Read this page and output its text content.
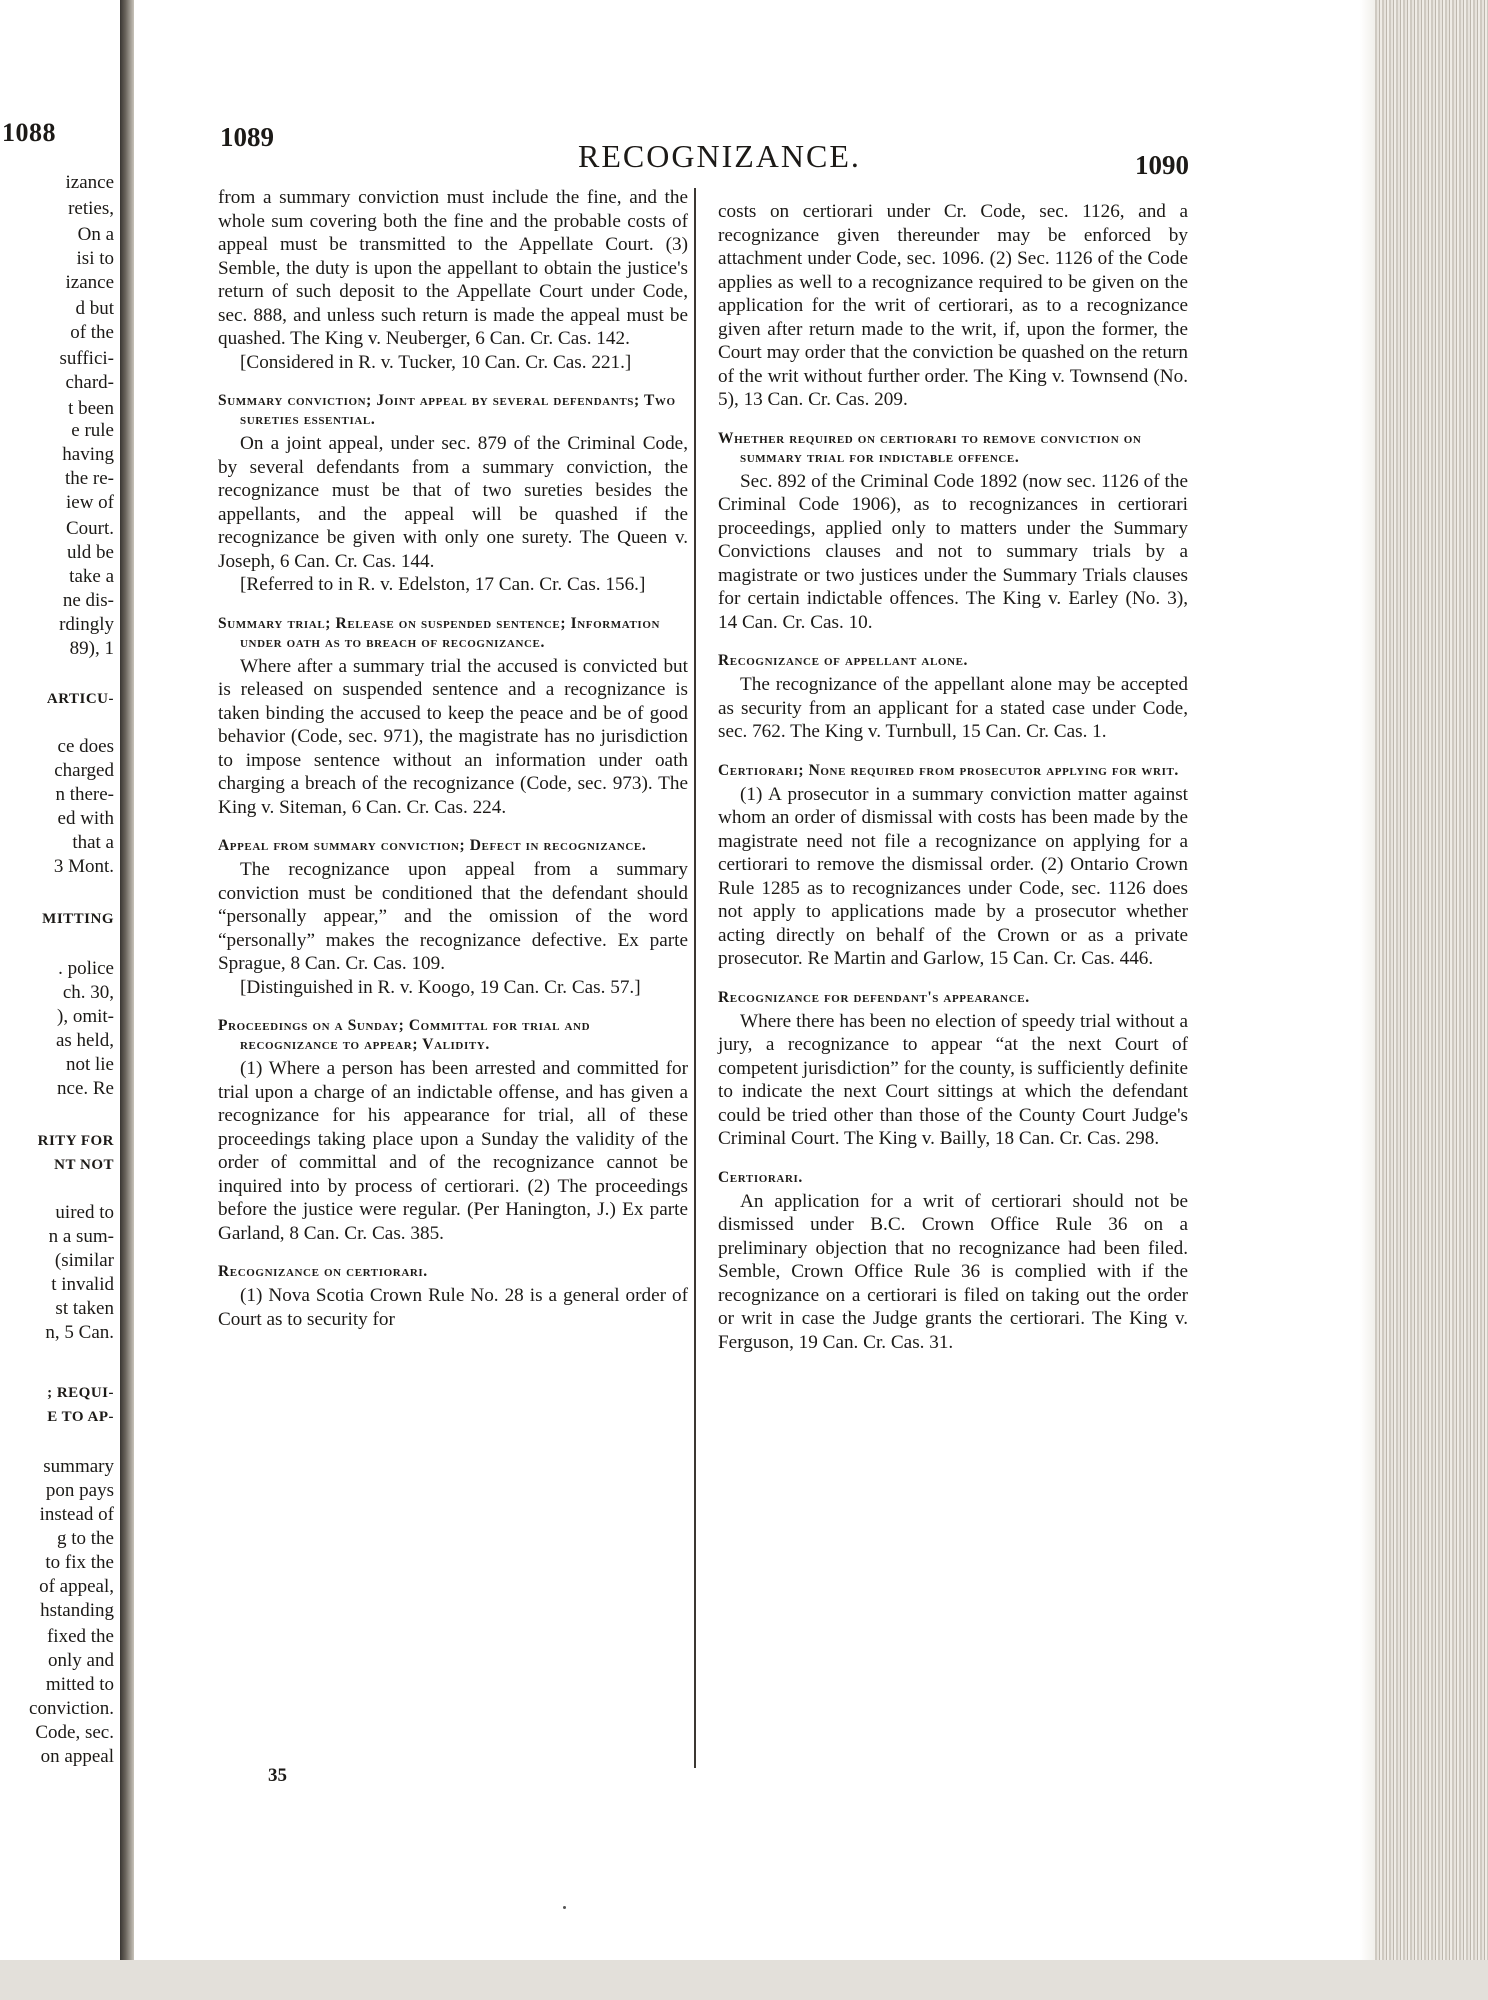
1088
izance
reties,
On a
isi to
izance
d but
of the
suffici-
chard-
t been
e rule
having
the re-
iew of
Court.
uld be
take a
ne dis-
rdingly
89), 1
ARTICU-
ce does
charged
n there-
ed with
that a
3 Mont.
MITTING
. police
ch. 30,
), omit-
as held,
not lie
nce. Re
RITY FOR
NT NOT
uired to
n a sum-
(similar
t invalid
st taken
n, 5 Can.
; REQUI-
E TO AP-
summary
pon pays
instead of
g to the
to fix the
of appeal,
hstanding
fixed the
only and
mitted to
conviction.
Code, sec.
on appeal
1089
RECOGNIZANCE.	1090

from a summary conviction must include the fine, and the whole sum covering both the fine and the probable costs of appeal must be transmitted to the Appellate Court. (3) Semble, the duty is upon the appellant to obtain the justice's return of such deposit to the Appellate Court under Code, sec. 888, and unless such return is made the appeal must be quashed. The King v. Neuberger, 6 Can. Cr. Cas. 142.

[Considered in R. v. Tucker, 10 Can. Cr. Cas. 221.]

Summary conviction; Joint appeal by several defendants; Two sureties essential.

On a joint appeal, under sec. 879 of the Criminal Code, by several defendants from a summary conviction, the recognizance must be that of two sureties besides the appellants, and the appeal will be quashed if the recognizance be given with only one surety. The Queen v. Joseph, 6 Can. Cr. Cas. 144.

[Referred to in R. v. Edelston, 17 Can. Cr. Cas. 156.]

Summary trial; Release on suspended sentence; Information under oath as to breach of recognizance.

Where after a summary trial the accused is convicted but is released on suspended sentence and a recognizance is taken binding the accused to keep the peace and be of good behavior (Code, sec. 971), the magistrate has no jurisdiction to impose sentence without an information under oath charging a breach of the recognizance (Code, sec. 973). The King v. Siteman, 6 Can. Cr. Cas. 224.

Appeal from summary conviction; Defect in recognizance.

The recognizance upon appeal from a summary conviction must be conditioned that the defendant should “personally appear,” and the omission of the word “personally” makes the recognizance defective. Ex parte Sprague, 8 Can. Cr. Cas. 109.

[Distinguished in R. v. Koogo, 19 Can. Cr. Cas. 57.]

Proceedings on a Sunday; Committal for trial and recognizance to appear; Validity.

(1) Where a person has been arrested and committed for trial upon a charge of an indictable offense, and has given a recognizance for his appearance for trial, all of these proceedings taking place upon a Sunday the validity of the order of committal and of the recognizance cannot be inquired into by process of certiorari. (2) The proceedings before the justice were regular. (Per Hanington, J.) Ex parte Garland, 8 Can. Cr. Cas. 385.

Recognizance on certiorari.

(1) Nova Scotia Crown Rule No. 28 is a general order of Court as to security for

35

costs on certiorari under Cr. Code, sec. 1126, and a recognizance given thereunder may be enforced by attachment under Code, sec. 1096. (2) Sec. 1126 of the Code applies as well to a recognizance required to be given on the application for the writ of certiorari, as to a recognizance given after return made to the writ, if, upon the former, the Court may order that the conviction be quashed on the return of the writ without further order. The King v. Townsend (No. 5), 13 Can. Cr. Cas. 209.

Whether required on certiorari to remove conviction on summary trial for indictable offence.

Sec. 892 of the Criminal Code 1892 (now sec. 1126 of the Criminal Code 1906), as to recognizances in certiorari proceedings, applied only to matters under the Summary Convictions clauses and not to summary trials by a magistrate or two justices under the Summary Trials clauses for certain indictable offences. The King v. Earley (No. 3), 14 Can. Cr. Cas. 10.

Recognizance of appellant alone.

The recognizance of the appellant alone may be accepted as security from an applicant for a stated case under Code, sec. 762. The King v. Turnbull, 15 Can. Cr. Cas. 1.

Certiorari; None required from prosecutor applying for writ.

(1) A prosecutor in a summary conviction matter against whom an order of dismissal with costs has been made by the magistrate need not file a recognizance on applying for a certiorari to remove the dismissal order. (2) Ontario Crown Rule 1285 as to recognizances under Code, sec. 1126 does not apply to applications made by a prosecutor whether acting directly on behalf of the Crown or as a private prosecutor. Re Martin and Garlow, 15 Can. Cr. Cas. 446.

Recognizance for defendant's appearance.

Where there has been no election of speedy trial without a jury, a recognizance to appear “at the next Court of competent jurisdiction” for the county, is sufficiently definite to indicate the next Court sittings at which the defendant could be tried other than those of the County Court Judge's Criminal Court. The King v. Bailly, 18 Can. Cr. Cas. 298.

Certiorari.

An application for a writ of certiorari should not be dismissed under B.C. Crown Office Rule 36 on a preliminary objection that no recognizance had been filed. Semble, Crown Office Rule 36 is complied with if the recognizance on a certiorari is filed on taking out the order or writ in case the Judge grants the certiorari. The King v. Ferguson, 19 Can. Cr. Cas. 31.
